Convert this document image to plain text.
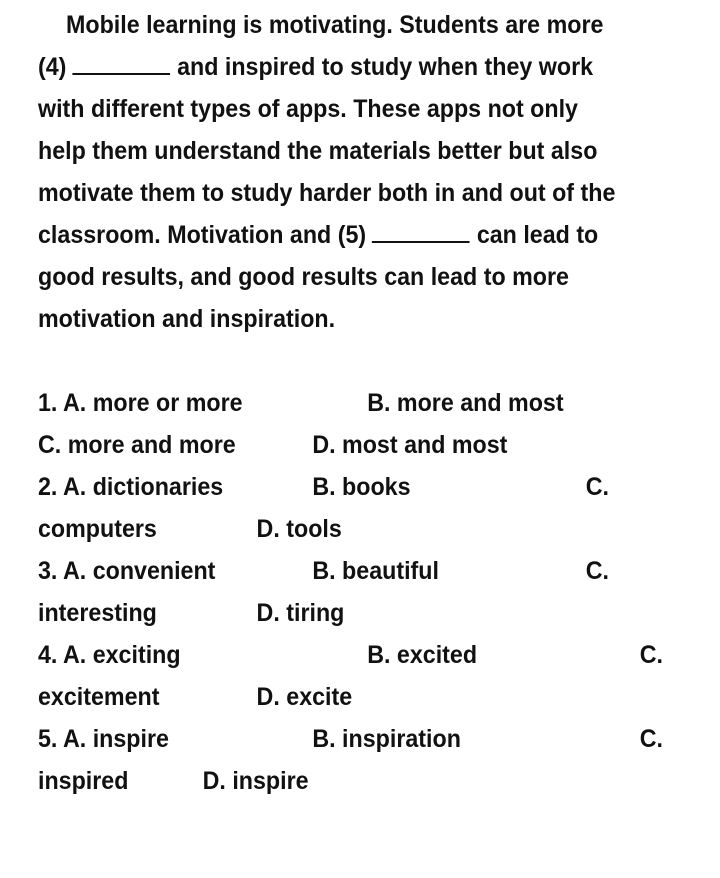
Mobile learning is motivating. Students are more
(4)	and inspired to study when they work
with different types of apps. These apps not only
help them understand the materials better but also
motivate them to study harder both in and out of the
classroom. Motivation and (5)	can lead to
good results, and good results can lead to more
motivation and inspiration.
1. A. more or more	B. more and most
C. more and more	D. most and most
2. A. dictionaries	B. books	C.
computers	D. tools
3. A. convenient	B. beautiful	C.
interesting	D. tiring
4. A. exciting	B. excited	C.
excitement	D. excite
5. A. inspire	B. inspiration	C.
inspired	D. inspire
